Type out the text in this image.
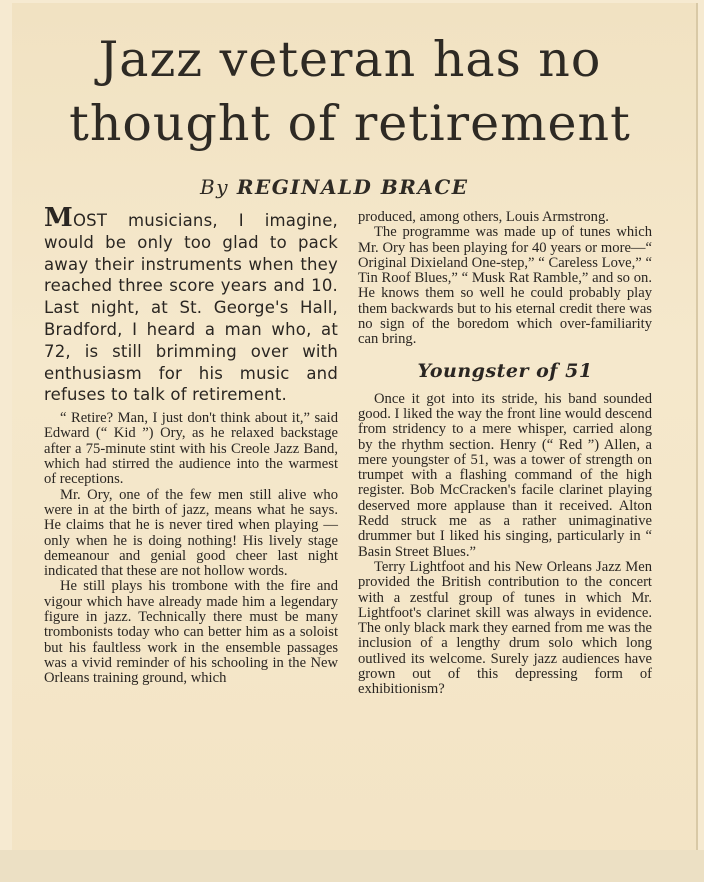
Jazz veteran has no
thought of retirement
By REGINALD BRACE

MOST musicians, I imagine, would be only too glad to pack away their instruments when they reached three score years and 10. Last night, at St. George's Hall, Bradford, I heard a man who, at 72, is still brimming over with enthusiasm for his music and refuses to talk of retirement.

“ Retire? Man, I just don't think about it,” said Edward (“ Kid ”) Ory, as he relaxed backstage after a 75-minute stint with his Creole Jazz Band, which had stirred the audience into the warmest of receptions.

Mr. Ory, one of the few men still alive who were in at the birth of jazz, means what he says. He claims that he is never tired when playing —only when he is doing nothing! His lively stage demeanour and genial good cheer last night indicated that these are not hollow words.

He still plays his trombone with the fire and vigour which have already made him a legendary figure in jazz. Technically there must be many trombonists today who can better him as a soloist but his faultless work in the ensemble passages was a vivid reminder of his schooling in the New Orleans training ground, which

produced, among others, Louis Armstrong.

The programme was made up of tunes which Mr. Ory has been playing for 40 years or more—“ Original Dixieland One-step,” “ Careless Love,” “ Tin Roof Blues,” “ Musk Rat Ramble,” and so on. He knows them so well he could probably play them backwards but to his eternal credit there was no sign of the boredom which over-familiarity can bring.

Youngster of 51

Once it got into its stride, his band sounded good. I liked the way the front line would descend from stridency to a mere whisper, carried along by the rhythm section. Henry (“ Red ”) Allen, a mere youngster of 51, was a tower of strength on trumpet with a flashing command of the high register. Bob McCracken's facile clarinet playing deserved more applause than it received. Alton Redd struck me as a rather unimaginative drummer but I liked his singing, particularly in “ Basin Street Blues.”

Terry Lightfoot and his New Orleans Jazz Men provided the British contribution to the concert with a zestful group of tunes in which Mr. Lightfoot's clarinet skill was always in evidence. The only black mark they earned from me was the inclusion of a lengthy drum solo which long outlived its welcome. Surely jazz audiences have grown out of this depressing form of exhibitionism?
